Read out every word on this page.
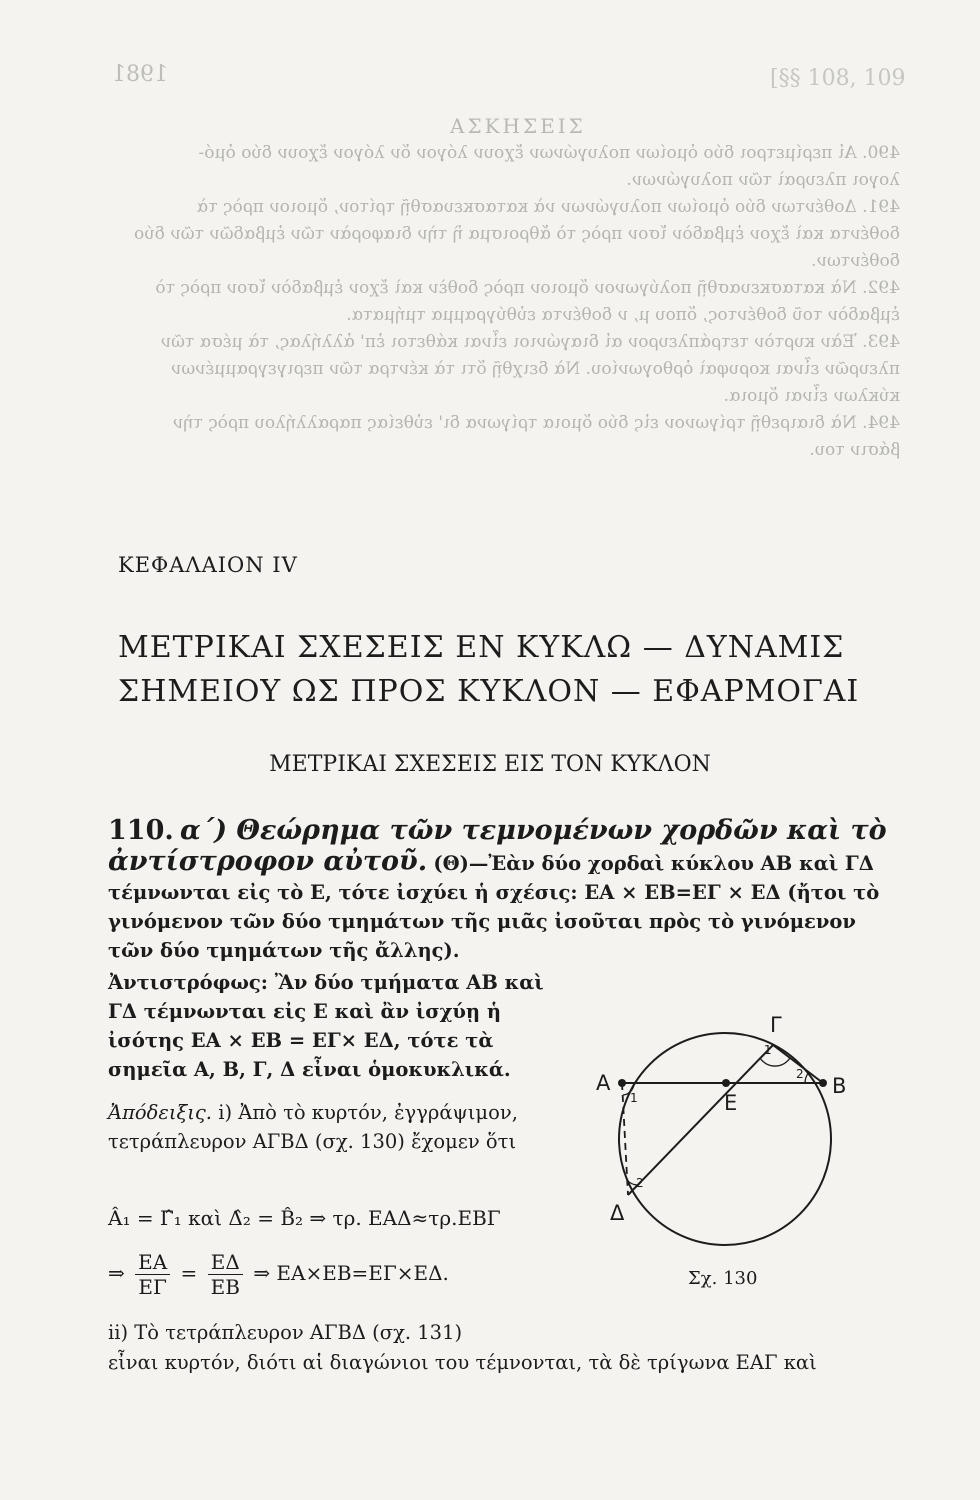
1981	[§§ 108, 109
ΑΣΚΗΣΕΙΣ
490. Αἱ περίμετροι δύο ὁμοίων πολυγώνων ἔχουν λόγον ὅν λόγον ἔχουν δύο ὁμό-
λογοι πλευραὶ τῶν πολυγώνων.
491. Δοθέντων δύο ὁμοίων πολυγώνων νὰ κατασκευασθῇ τρίτον, ὅμοιον πρὸς τὰ
δοθέντα καὶ ἔχον ἐμβαδὸν ἴσον πρὸς τὸ ἄθροισμα ἢ τὴν διαφορὰν τῶν ἐμβαδῶν τῶν δύο
δοθέντων.
492. Νὰ κατασκευασθῇ πολύγωνον ὅμοιον πρὸς δοθὲν καὶ ἔχον ἐμβαδὸν ἴσον πρὸς τὸ
ἐμβαδὸν τοῦ δοθέντος, ὅπου μ, ν δοθέντα εὐθύγραμμα τμήματα.
493. Ἐὰν κυρτὸν τετράπλευρον αἱ διαγώνιοι εἶναι κάθετοι ἐπ' ἀλλήλας, τὰ μέσα τῶν
πλευρῶν εἶναι κορυφαὶ ὀρθογωνίου. Νὰ δειχθῇ ὅτι τὰ κέντρα τῶν περιγεγραμμένων
κύκλων εἶναι ὅμοια.
494. Νὰ διαιρεθῇ τρίγωνον εἰς δύο ὅμοια τρίγωνα δι' εὐθείας παραλλήλου πρὸς τὴν
βάσιν του.
ΚΕΦΑΛΑΙΟΝ IV
ΜΕΤΡΙΚΑΙ ΣΧΕΣΕΙΣ ΕΝ ΚΥΚΛΩ — ΔΥΝΑΜΙΣ
ΣΗΜΕΙΟΥ ΩΣ ΠΡΟΣ ΚΥΚΛΟΝ — ΕΦΑΡΜΟΓΑΙ
ΜΕΤΡΙΚΑΙ ΣΧΕΣΕΙΣ ΕΙΣ ΤΟΝ ΚΥΚΛΟΝ
110. α΄) Θεώρημα τῶν τεμνομένων χορδῶν καὶ τὸ ἀντίστροφον αὐτοῦ. (Θ)—Ἐὰν δύο χορδαὶ κύκλου ΑΒ καὶ ΓΔ τέμνωνται εἰς τὸ Ε, τότε ἰσχύει ἡ σχέσις: ΕΑ × ΕΒ=ΕΓ × ΕΔ (ἤτοι τὸ γινόμενον τῶν δύο τμημάτων τῆς μιᾶς ἰσοῦται πρὸς τὸ γινόμενον τῶν δύο τμημάτων τῆς ἄλλης).
Ἀντιστρόφως: Ἂν δύο τμήματα ΑΒ καὶ ΓΔ τέμνωνται εἰς Ε καὶ ἂν ἰσχύῃ ἡ ἰσότης ΕΑ × ΕΒ = ΕΓ× ΕΔ, τότε τὰ σημεῖα Α, Β, Γ, Δ εἶναι ὁμοκυκλικά.
Ἀπόδειξις. i) Ἀπὸ τὸ κυρτόν, ἐγγράψιμον, τετράπλευρον ΑΓΒΔ (σχ. 130) ἔχομεν ὅτι
Â₁ = Γ̂₁ καὶ Δ̂₂ = B̂₂ ⇒ τρ. ΕΑΔ≈τρ.ΕΒΓ
⇒ $\frac{EA}{E\Gamma} = \frac{E\Delta}{EB}$ ⇒ ΕΑ×ΕΒ=ΕΓ×ΕΔ.	Σχ. 130
ii) Τὸ τετράπλευρον ΑΓΒΔ (σχ. 131)
εἶναι κυρτόν, διότι αἱ διαγώνιοι του τέμνονται, τὰ δὲ τρίγωνα ΕΑΓ καὶ
A	B
Γ
Δ
E
1
1
2
2
